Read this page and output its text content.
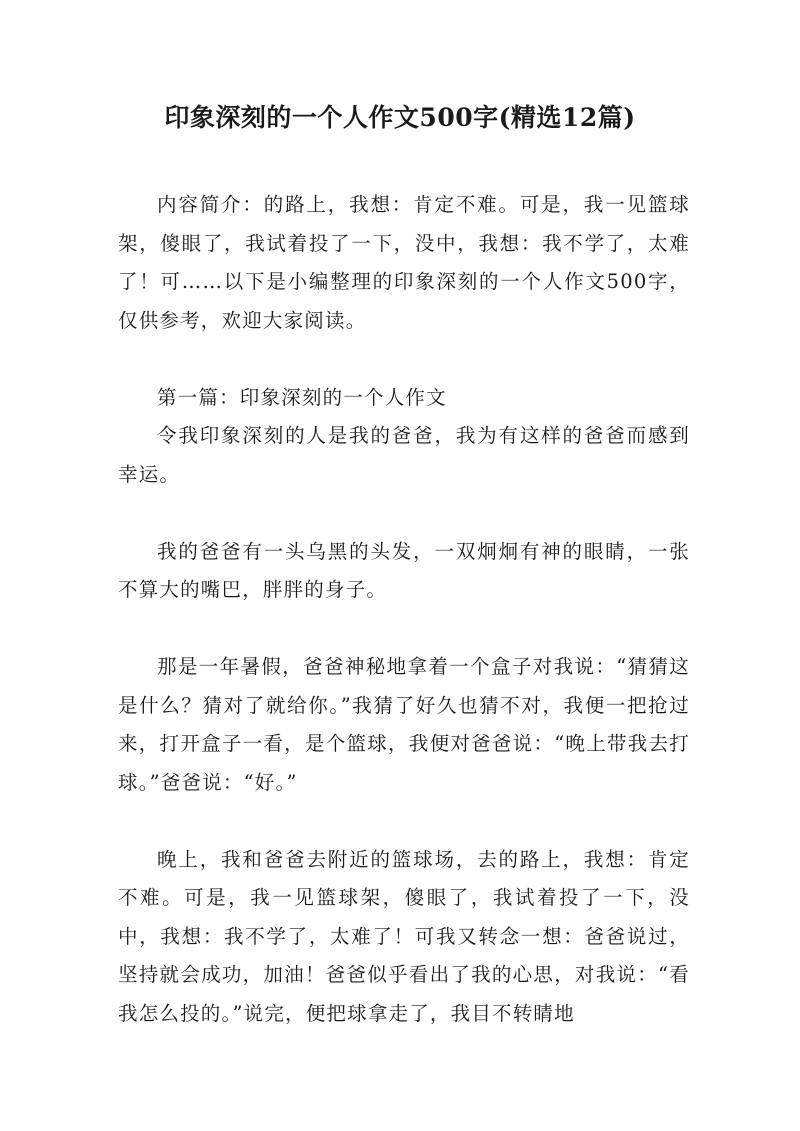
印象深刻的一个人作文500字(精选12篇)

内容简介：的路上，我想：肯定不难。可是，我一见篮球架，傻眼了，我试着投了一下，没中，我想：我不学了，太难了！可……以下是小编整理的印象深刻的一个人作文500字，仅供参考，欢迎大家阅读。

第一篇：印象深刻的一个人作文

令我印象深刻的人是我的爸爸，我为有这样的爸爸而感到幸运。

我的爸爸有一头乌黑的头发，一双炯炯有神的眼睛，一张不算大的嘴巴，胖胖的身子。

那是一年暑假，爸爸神秘地拿着一个盒子对我说：“猜猜这是什么？猜对了就给你。”我猜了好久也猜不对，我便一把抢过来，打开盒子一看，是个篮球，我便对爸爸说：“晚上带我去打球。”爸爸说：“好。”

晚上，我和爸爸去附近的篮球场，去的路上，我想：肯定不难。可是，我一见篮球架，傻眼了，我试着投了一下，没中，我想：我不学了，太难了！可我又转念一想：爸爸说过，坚持就会成功，加油！爸爸似乎看出了我的心思，对我说：“看我怎么投的。”说完，便把球拿走了，我目不转睛地
